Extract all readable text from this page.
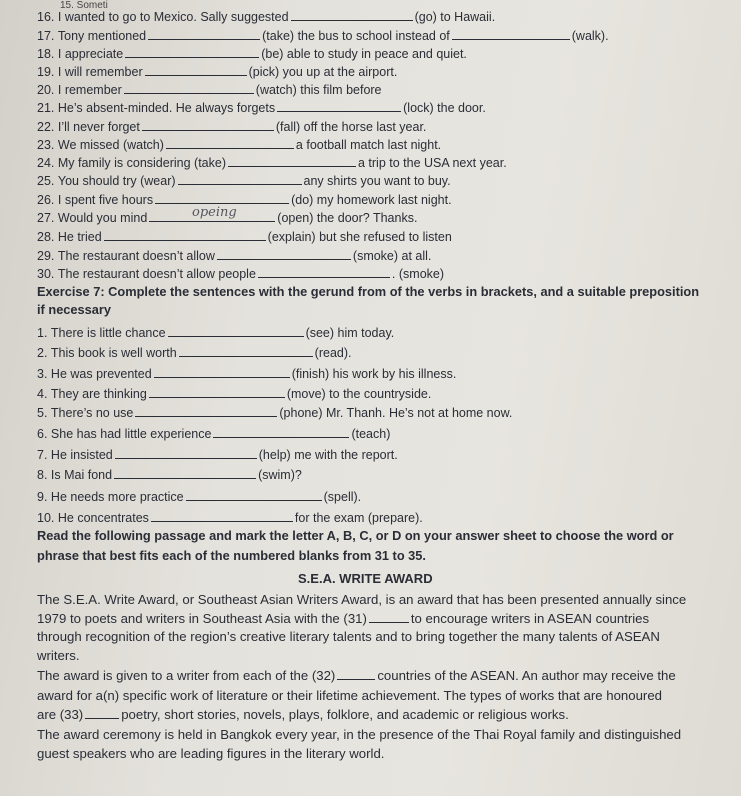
15. Someti
16. I wanted to go to Mexico. Sally suggested	(go) to Hawaii.
17. Tony mentioned	(take) the bus to school instead of	(walk).
18. I appreciate	(be) able to study in peace and quiet.
19. I will remember	(pick) you up at the airport.
20. I remember	(watch) this film before
21. He’s absent-minded. He always forgets	(lock) the door.
22. I’ll never forget	(fall) off the horse last year.
23. We missed (watch)	a football match last night.
24. My family is considering (take)	a trip to the USA next year.
25. You should try (wear)	any shirts you want to buy.
26. I spent five hours	(do) my homework last night.
27. Would you mind	(open) the door? Thanks.
opeing
28. He tried	(explain) but she refused to listen
29. The restaurant doesn’t allow	(smoke) at all.
30. The restaurant doesn’t allow people	. (smoke)
Exercise 7: Complete the sentences with the gerund from of the verbs in brackets, and a suitable preposition
if necessary
1. There is little chance	(see) him today.
2. This book is well worth	(read).
3. He was prevented	(finish) his work by his illness.
4. They are thinking	(move) to the countryside.
5. There’s no use	(phone) Mr. Thanh. He’s not at home now.
6. She has had little experience	(teach)
7. He insisted	(help) me with the report.
8. Is Mai fond	(swim)?
9. He needs more practice	(spell).
10. He concentrates	for the exam (prepare).
Read the following passage and mark the letter A, B, C, or D on your answer sheet to choose the word or
phrase that best fits each of the numbered blanks from 31 to 35.
S.E.A. WRITE AWARD
The S.E.A. Write Award, or Southeast Asian Writers Award, is an award that has been presented annually since
1979 to poets and writers in Southeast Asia with the (31)	to encourage writers in ASEAN countries
through recognition of the region’s creative literary talents and to bring together the many talents of ASEAN
writers.
The award is given to a writer from each of the (32)	countries of the ASEAN. An author may receive the
award for a(n) specific work of literature or their lifetime achievement. The types of works that are honoured
are (33)	poetry, short stories, novels, plays, folklore, and academic or religious works.
The award ceremony is held in Bangkok every year, in the presence of the Thai Royal family and distinguished
guest speakers who are leading figures in the literary world.
